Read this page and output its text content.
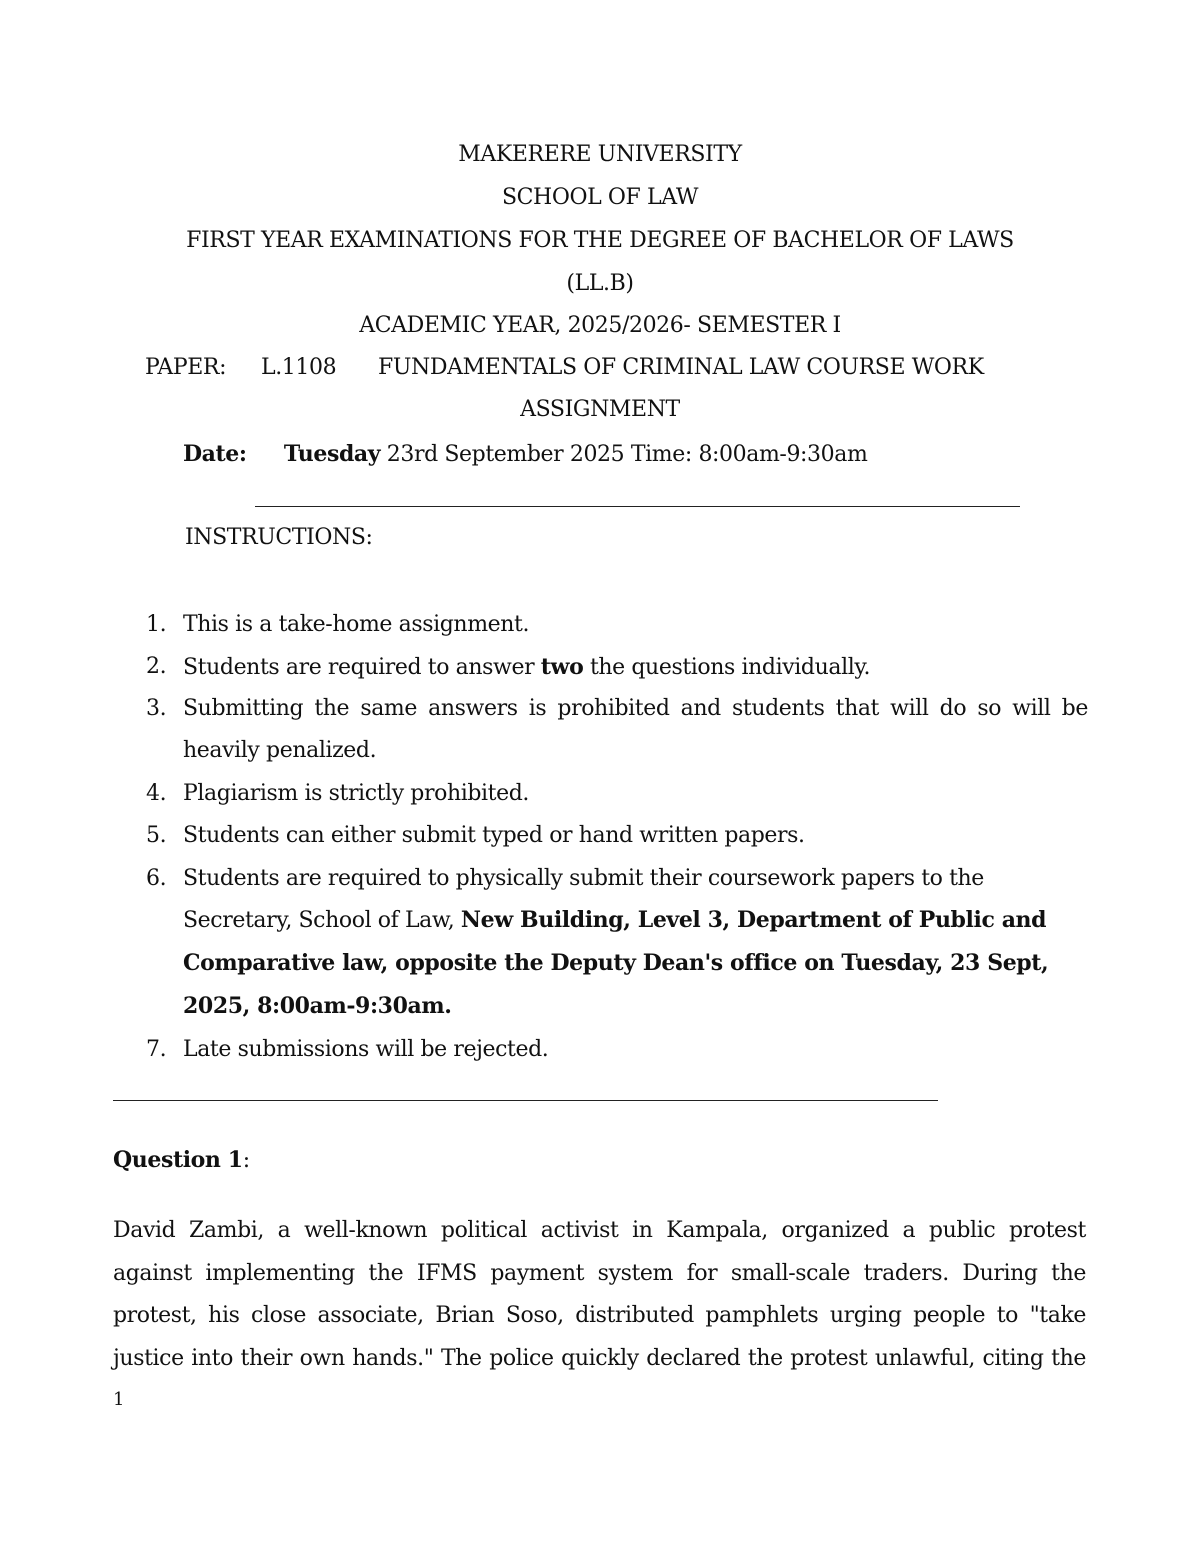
MAKERERE UNIVERSITY
SCHOOL OF LAW
FIRST YEAR EXAMINATIONS FOR THE DEGREE OF BACHELOR OF LAWS
(LL.B)
ACADEMIC YEAR, 2025/2026- SEMESTER I
PAPER: L.1108 FUNDAMENTALS OF CRIMINAL LAW COURSE WORK
ASSIGNMENT
Date: Tuesday 23rd September 2025 Time: 8:00am-9:30am
INSTRUCTIONS:
1. This is a take-home assignment.
2. Students are required to answer two the questions individually.
3. Submitting the same answers is prohibited and students that will do so will be
heavily penalized.
4. Plagiarism is strictly prohibited.
5. Students can either submit typed or hand written papers.
6. Students are required to physically submit their coursework papers to the
Secretary, School of Law, New Building, Level 3, Department of Public and
Comparative law, opposite the Deputy Dean's office on Tuesday, 23 Sept,
2025, 8:00am-9:30am.
7. Late submissions will be rejected.
Question 1:
David Zambi, a well-known political activist in Kampala, organized a public protest
against implementing the IFMS payment system for small-scale traders. During the
protest, his close associate, Brian Soso, distributed pamphlets urging people to "take
justice into their own hands." The police quickly declared the protest unlawful, citing the
1
